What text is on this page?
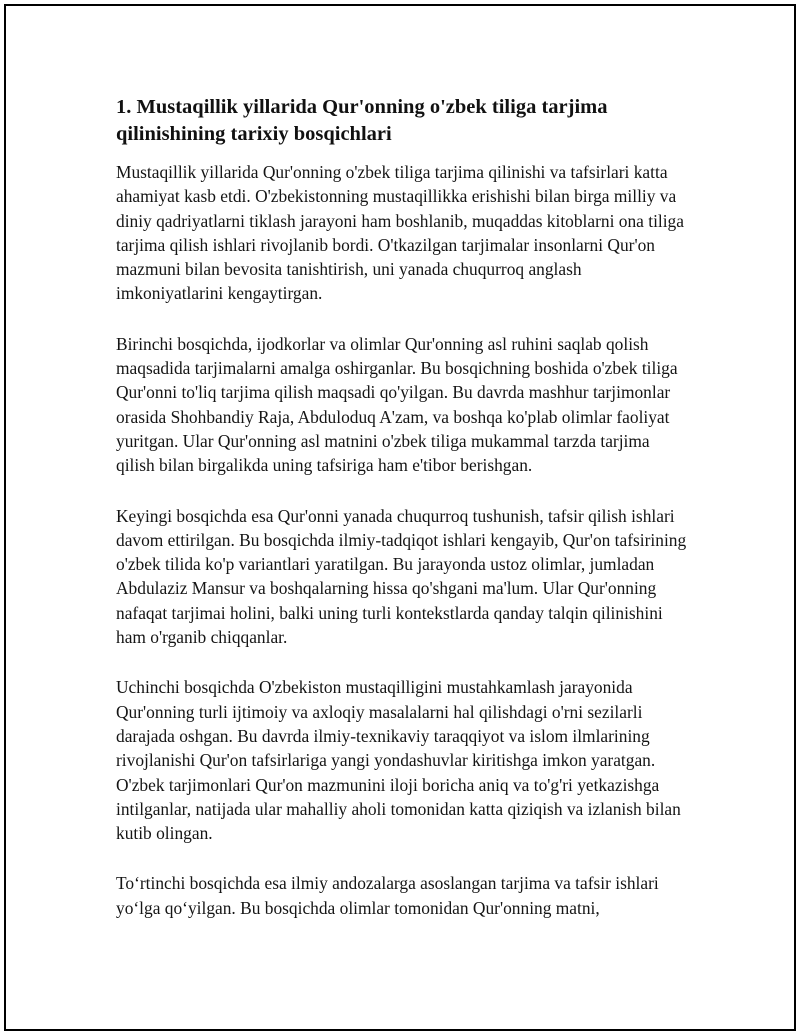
1. Mustaqillik yillarida Qur'onning o'zbek tiliga tarjima qilinishining tarixiy bosqichlari

Mustaqillik yillarida Qur'onning o'zbek tiliga tarjima qilinishi va tafsirlari katta ahamiyat kasb etdi. O'zbekistonning mustaqillikka erishishi bilan birga milliy va diniy qadriyatlarni tiklash jarayoni ham boshlanib, muqaddas kitoblarni ona tiliga tarjima qilish ishlari rivojlanib bordi. O'tkazilgan tarjimalar insonlarni Qur'on mazmuni bilan bevosita tanishtirish, uni yanada chuqurroq anglash imkoniyatlarini kengaytirgan.

Birinchi bosqichda, ijodkorlar va olimlar Qur'onning asl ruhini saqlab qolish maqsadida tarjimalarni amalga oshirganlar. Bu bosqichning boshida o'zbek tiliga Qur'onni to'liq tarjima qilish maqsadi qo'yilgan. Bu davrda mashhur tarjimonlar orasida Shohbandiy Raja, Abduloduq A'zam, va boshqa ko'plab olimlar faoliyat yuritgan. Ular Qur'onning asl matnini o'zbek tiliga mukammal tarzda tarjima qilish bilan birgalikda uning tafsiriga ham e'tibor berishgan.

Keyingi bosqichda esa Qur'onni yanada chuqurroq tushunish, tafsir qilish ishlari davom ettirilgan. Bu bosqichda ilmiy-tadqiqot ishlari kengayib, Qur'on tafsirining o'zbek tilida ko'p variantlari yaratilgan. Bu jarayonda ustoz olimlar, jumladan Abdulaziz Mansur va boshqalarning hissa qo'shgani ma'lum. Ular Qur'onning nafaqat tarjimai holini, balki uning turli kontekstlarda qanday talqin qilinishini ham o'rganib chiqqanlar.

Uchinchi bosqichda O'zbekiston mustaqilligini mustahkamlash jarayonida Qur'onning turli ijtimoiy va axloqiy masalalarni hal qilishdagi o'rni sezilarli darajada oshgan. Bu davrda ilmiy-texnikaviy taraqqiyot va islom ilmlarining rivojlanishi Qur'on tafsirlariga yangi yondashuvlar kiritishga imkon yaratgan. O'zbek tarjimonlari Qur'on mazmunini iloji boricha aniq va to'g'ri yetkazishga intilganlar, natijada ular mahalliy aholi tomonidan katta qiziqish va izlanish bilan kutib olingan.

To‘rtinchi bosqichda esa ilmiy andozalarga asoslangan tarjima va tafsir ishlari yo‘lga qo‘yilgan. Bu bosqichda olimlar tomonidan Qur'onning matni,
